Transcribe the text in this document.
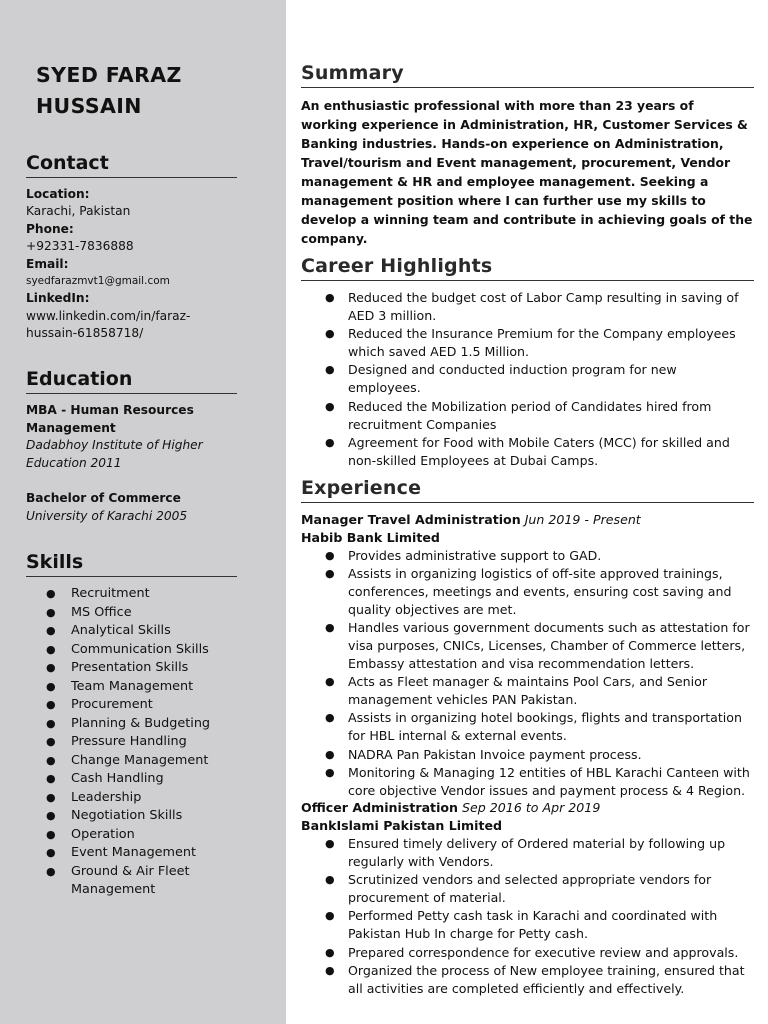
SYED FARAZ
HUSSAIN
Contact
Location:
Karachi, Pakistan
Phone:
+92331-7836888
Email:
syedfarazmvt1@gmail.com
LinkedIn:
www.linkedin.com/in/faraz-
hussain-61858718/
Education
MBA - Human Resources
Management
Dadabhoy Institute of Higher
Education 2011
Bachelor of Commerce
University of Karachi 2005
Skills
● Recruitment
● MS Office
● Analytical Skills
● Communication Skills
● Presentation Skills
● Team Management
● Procurement
● Planning & Budgeting
● Pressure Handling
● Change Management
● Cash Handling
● Leadership
● Negotiation Skills
● Operation
● Event Management
● Ground & Air Fleet Management
Summary
An enthusiastic professional with more than 23 years of working experience in Administration, HR, Customer Services & Banking industries. Hands-on experience on Administration, Travel/tourism and Event management, procurement, Vendor management & HR and employee management. Seeking a management position where I can further use my skills to develop a winning team and contribute in achieving goals of the company.
Career Highlights
● Reduced the budget cost of Labor Camp resulting in saving of AED 3 million.
● Reduced the Insurance Premium for the Company employees which saved AED 1.5 Million.
● Designed and conducted induction program for new employees.
● Reduced the Mobilization period of Candidates hired from recruitment Companies
● Agreement for Food with Mobile Caters (MCC) for skilled and non-skilled Employees at Dubai Camps.
Experience
Manager Travel Administration Jun 2019 - Present
Habib Bank Limited
● Provides administrative support to GAD.
● Assists in organizing logistics of off-site approved trainings, conferences, meetings and events, ensuring cost saving and quality objectives are met.
● Handles various government documents such as attestation for visa purposes, CNICs, Licenses, Chamber of Commerce letters, Embassy attestation and visa recommendation letters.
● Acts as Fleet manager & maintains Pool Cars, and Senior management vehicles PAN Pakistan.
● Assists in organizing hotel bookings, flights and transportation for HBL internal & external events.
● NADRA Pan Pakistan Invoice payment process.
● Monitoring & Managing 12 entities of HBL Karachi Canteen with core objective Vendor issues and payment process & 4 Region.
Officer Administration Sep 2016 to Apr 2019
BankIslami Pakistan Limited
● Ensured timely delivery of Ordered material by following up regularly with Vendors.
● Scrutinized vendors and selected appropriate vendors for procurement of material.
● Performed Petty cash task in Karachi and coordinated with Pakistan Hub In charge for Petty cash.
● Prepared correspondence for executive review and approvals.
● Organized the process of New employee training, ensured that all activities are completed efficiently and effectively.
